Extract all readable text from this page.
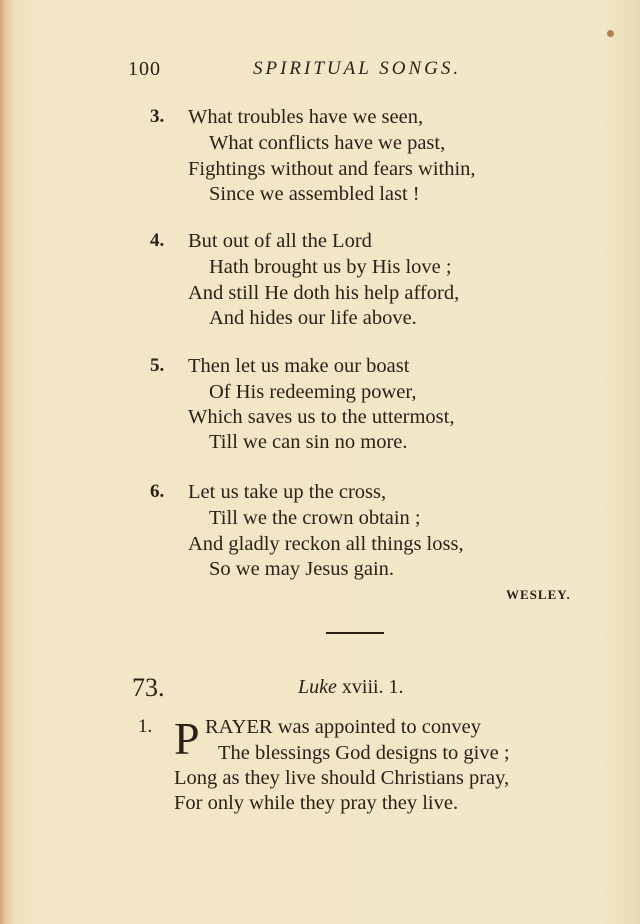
100	SPIRITUAL SONGS.
3. What troubles have we seen,
What conflicts have we past,
Fightings without and fears within,
Since we assembled last !
4. But out of all the Lord
Hath brought us by His love ;
And still He doth his help afford,
And hides our life above.
5. Then let us make our boast
Of His redeeming power,
Which saves us to the uttermost,
Till we can sin no more.
6. Let us take up the cross,
Till we the crown obtain ;
And gladly reckon all things loss,
So we may Jesus gain.
WESLEY.
73.	Luke xviii. 1.
1. P RAYER was appointed to convey
The blessings God designs to give ;
Long as they live should Christians pray,
For only while they pray they live.
